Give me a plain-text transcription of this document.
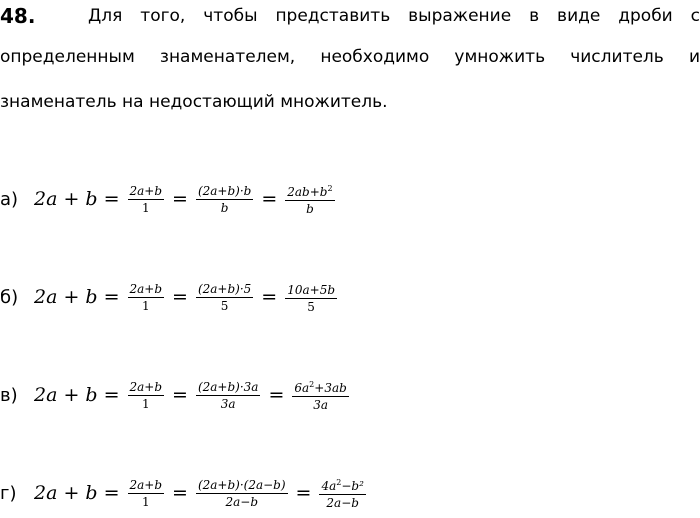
48.	Для того, чтобы представить выражение в виде дроби с
определенным знаменателем, необходимо умножить числитель и
знаменатель на недостающий множитель.
а) $2a + b = \frac{2a+b}{1} = \frac{(2a+b)\cdot b}{b} = \frac{2ab+b^2}{b}$
б) $2a + b = \frac{2a+b}{1} = \frac{(2a+b)\cdot 5}{5} = \frac{10a+5b}{5}$
в) $2a + b = \frac{2a+b}{1} = \frac{(2a+b)\cdot 3a}{3a} = \frac{6a^2+3ab}{3a}$
г) $2a + b = \frac{2a+b}{1} = \frac{(2a+b)\cdot(2a-b)}{2a-b} = \frac{4a^2-b^2}{2a-b}$
